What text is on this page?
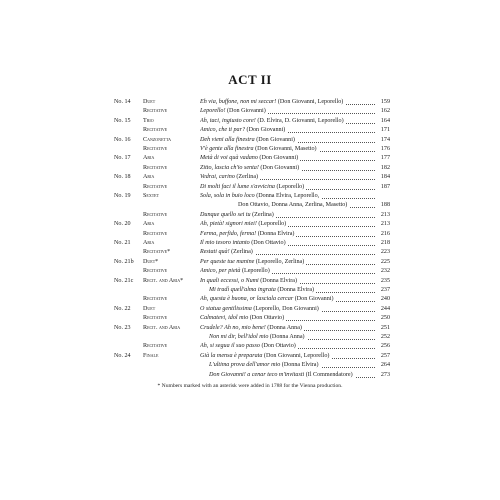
ACT II
No. 14 Duet	Eh via, buffone, non mi seccar! (Don Giovanni, Leporello)	159
Recitative	Leporello! (Don Giovanni)	162
No. 15 Trio	Ah, taci, ingiusto core! (D. Elvira, D. Giovanni, Leporello)	164
Recitative	Amico, che ti par? (Don Giovanni)	171
No. 16 Canzonetta	Deh vieni alla finestra (Don Giovanni)	174
Recitative	V'è gente alla finestra (Don Giovanni, Masetto)	176
No. 17 Aria	Metà di voi quà vadano (Don Giovanni)	177
Recitative	Zitto, lascia ch'io senta! (Don Giovanni)	182
No. 18 Aria	Vedrai, carino (Zerlina)	184
Recitative	Di molti faci il lume s'avvicina (Leporello)	187
No. 19 Sextet	Sola, sola in buio loco (Donna Elvira, Leporello,
Don Ottavio, Donna Anna, Zerlina, Masetto)	188
Recitative	Dunque quello sei tu (Zerlina)	213
No. 20 Aria	Ah, pietà! signori miei! (Leporello)	213
Recitative	Ferma, perfido, ferma! (Donna Elvira)	216
No. 21 Aria	Il mio tesoro intanto (Don Ottavio)	218
Recitative*	Restati quà! (Zerlina)	223
No. 21b Duet*	Per queste tue manine (Leporello, Zerlina)	225
Recitative	Amico, per pietà (Leporello)	232
No. 21c Recit. and Aria*	In quali eccessi, o Numi (Donna Elvira)	235
Mi tradì quell'alma ingrata (Donna Elvira)	237
Recitative	Ah, questa è buona, or lasciala cercar (Don Giovanni)	240
No. 22 Duet	O statua gentilissima (Leporello, Don Giovanni)	244
Recitative	Calmatevi, idol mio (Don Ottavio)	250
No. 23 Recit. and Aria	Crudele? Ah no, mio bene! (Donna Anna)	251
Non mi dir, bell'idol mio (Donna Anna)	252
Recitative	Ah, si segua il suo passo (Don Ottavio)	256
No. 24 Finale	Già la mensa è preparata (Don Giovanni, Leporello)	257
L'ultima prova dell'amor mio (Donna Elvira)	264
Don Giovanni! a cenar teco m'invitasti (Il Commendatore)	273
* Numbers marked with an asterisk were added in 1788 for the Vienna production.
